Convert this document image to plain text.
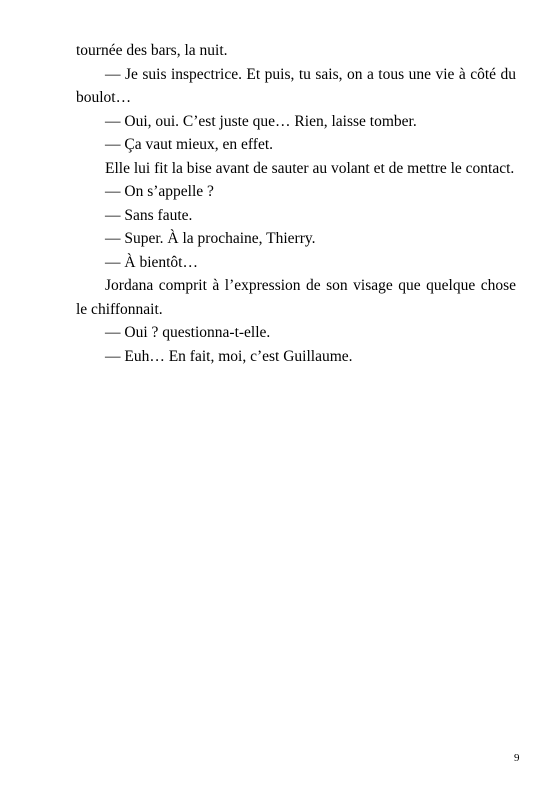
tournée des bars, la nuit.

— Je suis inspectrice. Et puis, tu sais, on a tous une vie à côté du boulot…

— Oui, oui. C’est juste que… Rien, laisse tomber.

— Ça vaut mieux, en effet.

Elle lui fit la bise avant de sauter au volant et de mettre le contact.

— On s’appelle ?

— Sans faute.

— Super. À la prochaine, Thierry.

— À bientôt…

Jordana comprit à l’expression de son visage que quelque chose le chiffonnait.

— Oui ? questionna-t-elle.

— Euh… En fait, moi, c’est Guillaume.

9
